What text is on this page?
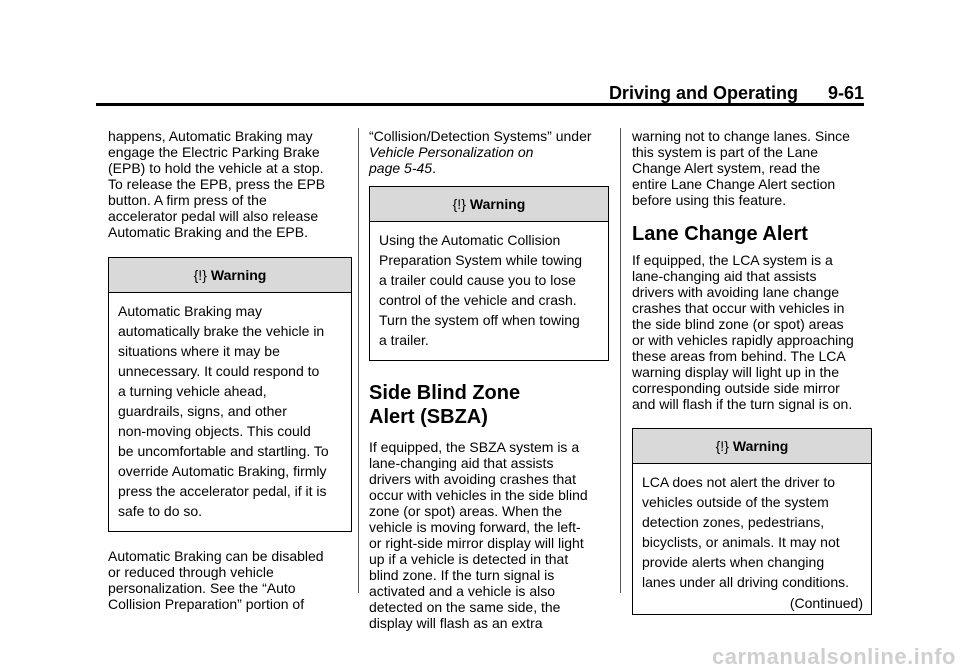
Driving and Operating 9-61

happens, Automatic Braking may
engage the Electric Parking Brake
(EPB) to hold the vehicle at a stop.
To release the EPB, press the EPB
button. A firm press of the
accelerator pedal will also release
Automatic Braking and the EPB.

{!} Warning
Automatic Braking may
automatically brake the vehicle in
situations where it may be
unnecessary. It could respond to
a turning vehicle ahead,
guardrails, signs, and other
non-moving objects. This could
be uncomfortable and startling. To
override Automatic Braking, firmly
press the accelerator pedal, if it is
safe to do so.

Automatic Braking can be disabled
or reduced through vehicle
personalization. See the “Auto
Collision Preparation” portion of

“Collision/Detection Systems” under
Vehicle Personalization on
page 5-45.

{!} Warning
Using the Automatic Collision
Preparation System while towing
a trailer could cause you to lose
control of the vehicle and crash.
Turn the system off when towing
a trailer.
Side Blind Zone
Alert (SBZA)

If equipped, the SBZA system is a
lane-changing aid that assists
drivers with avoiding crashes that
occur with vehicles in the side blind
zone (or spot) areas. When the
vehicle is moving forward, the left-
or right-side mirror display will light
up if a vehicle is detected in that
blind zone. If the turn signal is
activated and a vehicle is also
detected on the same side, the
display will flash as an extra

warning not to change lanes. Since
this system is part of the Lane
Change Alert system, read the
entire Lane Change Alert section
before using this feature.

Lane Change Alert

If equipped, the LCA system is a
lane-changing aid that assists
drivers with avoiding lane change
crashes that occur with vehicles in
the side blind zone (or spot) areas
or with vehicles rapidly approaching
these areas from behind. The LCA
warning display will light up in the
corresponding outside side mirror
and will flash if the turn signal is on.

{!} Warning
LCA does not alert the driver to
vehicles outside of the system
detection zones, pedestrians,
bicyclists, or animals. It may not
provide alerts when changing
lanes under all driving conditions.
(Continued)
carmanualsonline.info
